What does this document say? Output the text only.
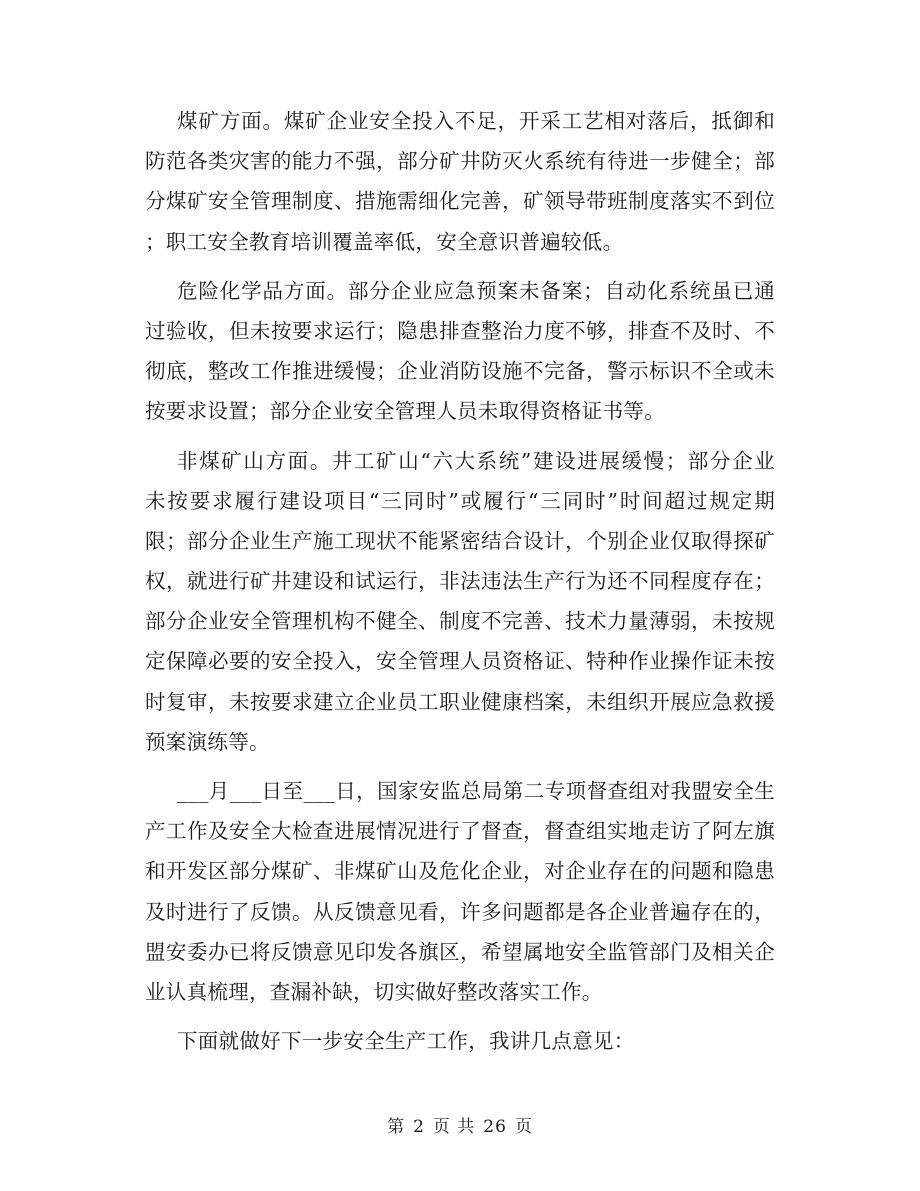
煤矿方面。煤矿企业安全投入不足，开采工艺相对落后，抵御和
防范各类灾害的能力不强，部分矿井防灭火系统有待进一步健全；部
分煤矿安全管理制度、措施需细化完善，矿领导带班制度落实不到位
；职工安全教育培训覆盖率低，安全意识普遍较低。
危险化学品方面。部分企业应急预案未备案；自动化系统虽已通
过验收，但未按要求运行；隐患排查整治力度不够，排查不及时、不
彻底，整改工作推进缓慢；企业消防设施不完备，警示标识不全或未
按要求设置；部分企业安全管理人员未取得资格证书等。
非煤矿山方面。井工矿山“六大系统”建设进展缓慢；部分企业
未按要求履行建设项目“三同时”或履行“三同时”时间超过规定期
限；部分企业生产施工现状不能紧密结合设计，个别企业仅取得探矿
权，就进行矿井建设和试运行，非法违法生产行为还不同程度存在；
部分企业安全管理机构不健全、制度不完善、技术力量薄弱，未按规
定保障必要的安全投入，安全管理人员资格证、特种作业操作证未按
时复审，未按要求建立企业员工职业健康档案，未组织开展应急救援
预案演练等。
___月___日至___日，国家安监总局第二专项督查组对我盟安全生
产工作及安全大检查进展情况进行了督查，督查组实地走访了阿左旗
和开发区部分煤矿、非煤矿山及危化企业，对企业存在的问题和隐患
及时进行了反馈。从反馈意见看，许多问题都是各企业普遍存在的，
盟安委办已将反馈意见印发各旗区，希望属地安全监管部门及相关企
业认真梳理，查漏补缺，切实做好整改落实工作。
下面就做好下一步安全生产工作，我讲几点意见：
第 2 页 共 26 页
